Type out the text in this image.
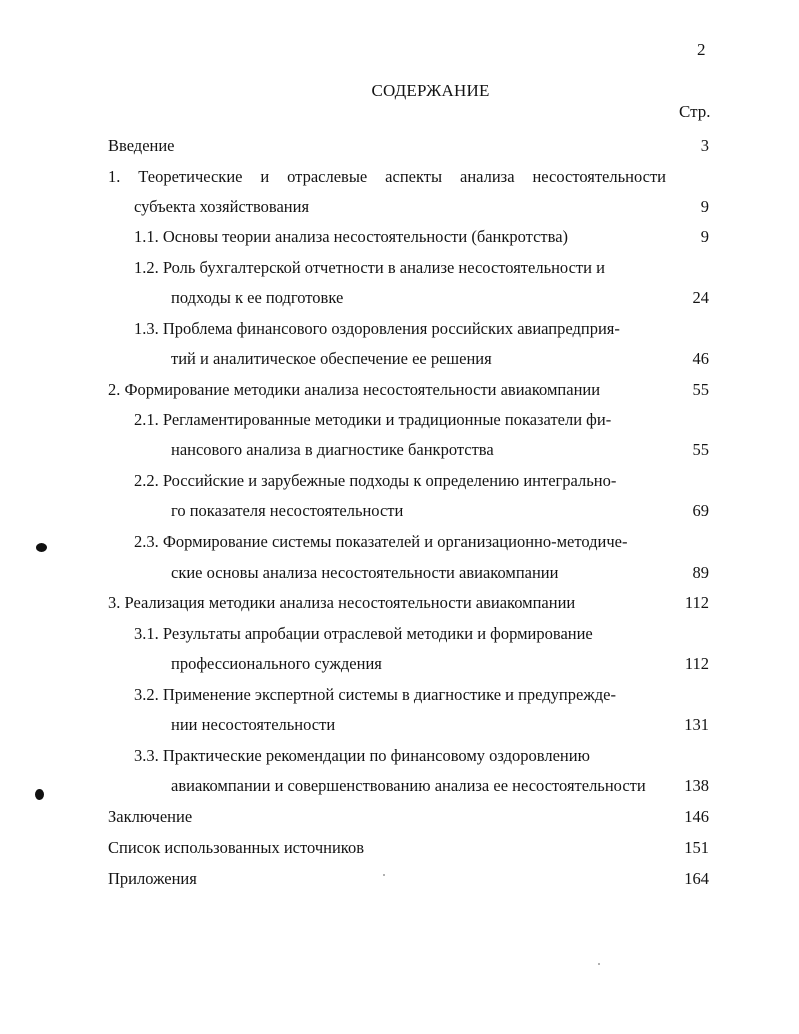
2
СОДЕРЖАНИЕ
Стр.
Введение	3
1. Теоретические и отраслевые аспекты анализа несостоятельности
субъекта хозяйствования	9
1.1. Основы теории анализа несостоятельности (банкротства)	9
1.2. Роль бухгалтерской отчетности в анализе несостоятельности и
подходы к ее подготовке	24
1.3. Проблема финансового оздоровления российских авиапредприя-
тий и аналитическое обеспечение ее решения	46
2. Формирование методики анализа несостоятельности авиакомпании	55
2.1. Регламентированные методики и традиционные показатели фи-
нансового анализа в диагностике банкротства	55
2.2. Российские и зарубежные подходы к определению интегрально-
го показателя несостоятельности	69
2.3. Формирование системы показателей и организационно-методиче-
ские основы анализа несостоятельности авиакомпании	89
3. Реализация методики анализа несостоятельности авиакомпании	112
3.1. Результаты апробации отраслевой методики и формирование
профессионального суждения	112
3.2. Применение экспертной системы в диагностике и предупрежде-
нии несостоятельности	131
3.3. Практические рекомендации по финансовому оздоровлению
авиакомпании и совершенствованию анализа ее несостоятельности	138
Заключение	146
Список использованных источников	151
Приложения	164
